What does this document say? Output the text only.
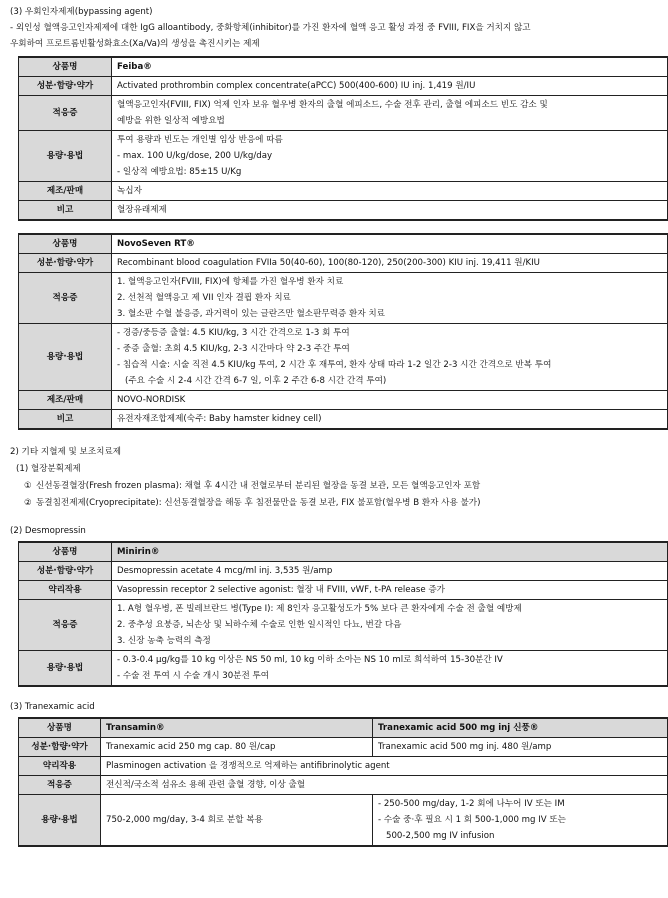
(3) 우회인자제제(bypassing agent)
- 외인성 혈액응고인자제제에 대한 IgG alloantibody, 중화항체(inhibitor)를 가진 환자에 혈액 응고 활성 과정 중 FVIII, FIX을 거치지 않고
우회하여 프로트롬빈활성화효소(Xa/Va)의 생성을 촉진시키는 제제
상품명	Feiba®
성분·함량·약가	Activated prothrombin complex concentrate(aPCC) 500(400-600) IU inj. 1,419 원/IU
적응증	혈액응고인자(FVIII, FIX) 억제 인자 보유 혈우병 환자의 출혈 에피소드, 수술 전후 관리, 출혈 에피소드 빈도 감소 및
예방을 위한 일상적 예방요법

용량·용법	투여 용량과 빈도는 개인별 임상 반응에 따름
- max. 100 U/kg/dose, 200 U/kg/day
- 일상적 예방요법: 85±15 U/Kg

제조/판매	녹십자
비고	혈장유래제제
상품명	NovoSeven RT®
성분·함량·약가	Recombinant blood coagulation FVIIa 50(40-60), 100(80-120), 250(200-300) KIU inj. 19,411 원/KIU
적응증	1. 혈액응고인자(FVIII, FIX)에 항체를 가진 혈우병 환자 치료
2. 선천적 혈액응고 제 VII 인자 결핍 환자 치료
3. 혈소판 수혈 불응증, 과거력이 있는 글란즈만 혈소판무력증 환자 치료

용량·용법	- 경증/중등증 출혈: 4.5 KIU/kg, 3 시간 간격으로 1-3 회 투여
- 중증 출혈: 초회 4.5 KIU/kg, 2-3 시간마다 약 2-3 주간 투여
- 침습적 시술: 시술 직전 4.5 KIU/kg 투여, 2 시간 후 재투여, 환자 상태 따라 1-2 일간 2-3 시간 간격으로 반복 투여
(주요 수술 시 2-4 시간 간격 6-7 일, 이후 2 주간 6-8 시간 간격 투여)

제조/판매	NOVO-NORDISK
비고	유전자재조합제제(숙주: Baby hamster kidney cell)
2) 기타 지혈제 및 보조치료제
(1) 혈장분획제제
① 신선동결혈장(Fresh frozen plasma): 채혈 후 4시간 내 전혈로부터 분리된 혈장을 동결 보관, 모든 혈액응고인자 포함
② 동결침전제제(Cryoprecipitate): 신선동결혈장을 해동 후 침전물만을 동결 보관, FIX 불포함(혈우병 B 환자 사용 불가)
(2) Desmopressin
상품명	Minirin®
성분·함량·약가	Desmopressin acetate 4 mcg/ml inj. 3,535 원/amp
약리작용	Vasopressin receptor 2 selective agonist: 혈장 내 FVIII, vWF, t-PA release 증가
적응증	1. A형 혈우병, 폰 빌레브란드 병(Type I): 제 8인자 응고활성도가 5% 보다 큰 환자에게 수술 전 출혈 예방제
2. 중추성 요붕증, 뇌손상 및 뇌하수체 수술로 인한 일시적인 다뇨, 번갈 다음
3. 신장 농축 능력의 측정

용량·용법	- 0.3-0.4 μg/kg를 10 kg 이상은 NS 50 ml, 10 kg 이하 소아는 NS 10 ml로 희석하여 15-30분간 IV
- 수술 전 투여 시 수술 개시 30분전 투여
(3) Tranexamic acid
상품명	Transamin®	Tranexamic acid 500 mg inj 신풍®
성분·함량·약가	Tranexamic acid 250 mg cap. 80 원/cap	Tranexamic acid 500 mg inj. 480 원/amp
약리작용	Plasminogen activation 을 경쟁적으로 억제하는 antifibrinolytic agent	
적응증	전신적/국소적 섬유소 용해 관련 출혈 경향, 이상 출혈	
용량·용법	750-2,000 mg/day, 3-4 회로 분할 복용	- 250-500 mg/day, 1-2 회에 나누어 IV 또는 IM
- 수술 중·후 필요 시 1 회 500-1,000 mg IV 또는
500-2,500 mg IV infusion
